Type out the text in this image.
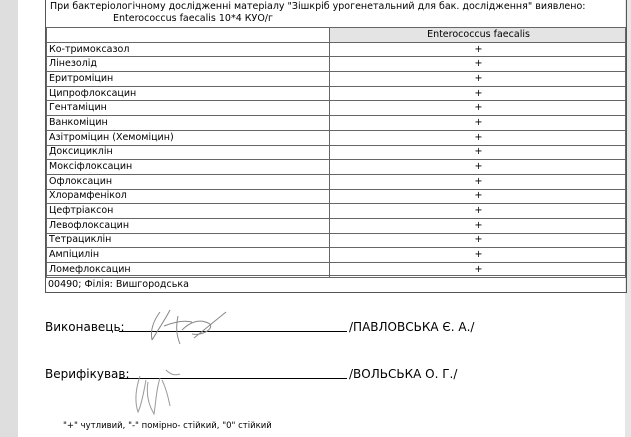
При бактеріологічному дослідженні матеріалу "Зішкріб урогенетальний для бак. дослідження" виявлено:
Enterococcus faecalis 10*4 КУО/г
	Enterococcus faecalis
Ко-тримоксазол	+
Лінезолід	+
Еритроміцин	+
Ципрофлоксацин	+
Гентаміцин	+
Ванкоміцин	+
Азітроміцин (Хемоміцин)	+
Доксициклін	+
Моксіфлоксацин	+
Офлоксацин	+
Хлорамфенікол	+
Цефтріаксон	+
Левофлоксацин	+
Тетрациклін	+
Ампіцилін	+
Ломефлоксацин	+
00490; Філія: Вишгородська
Виконавець:	/ПАВЛОВСЬКА Є. А./
Верифікував:	/ВОЛЬСЬКА О. Г./
"+" чутливий, "-" помірно- стійкий, "0" стійкий
